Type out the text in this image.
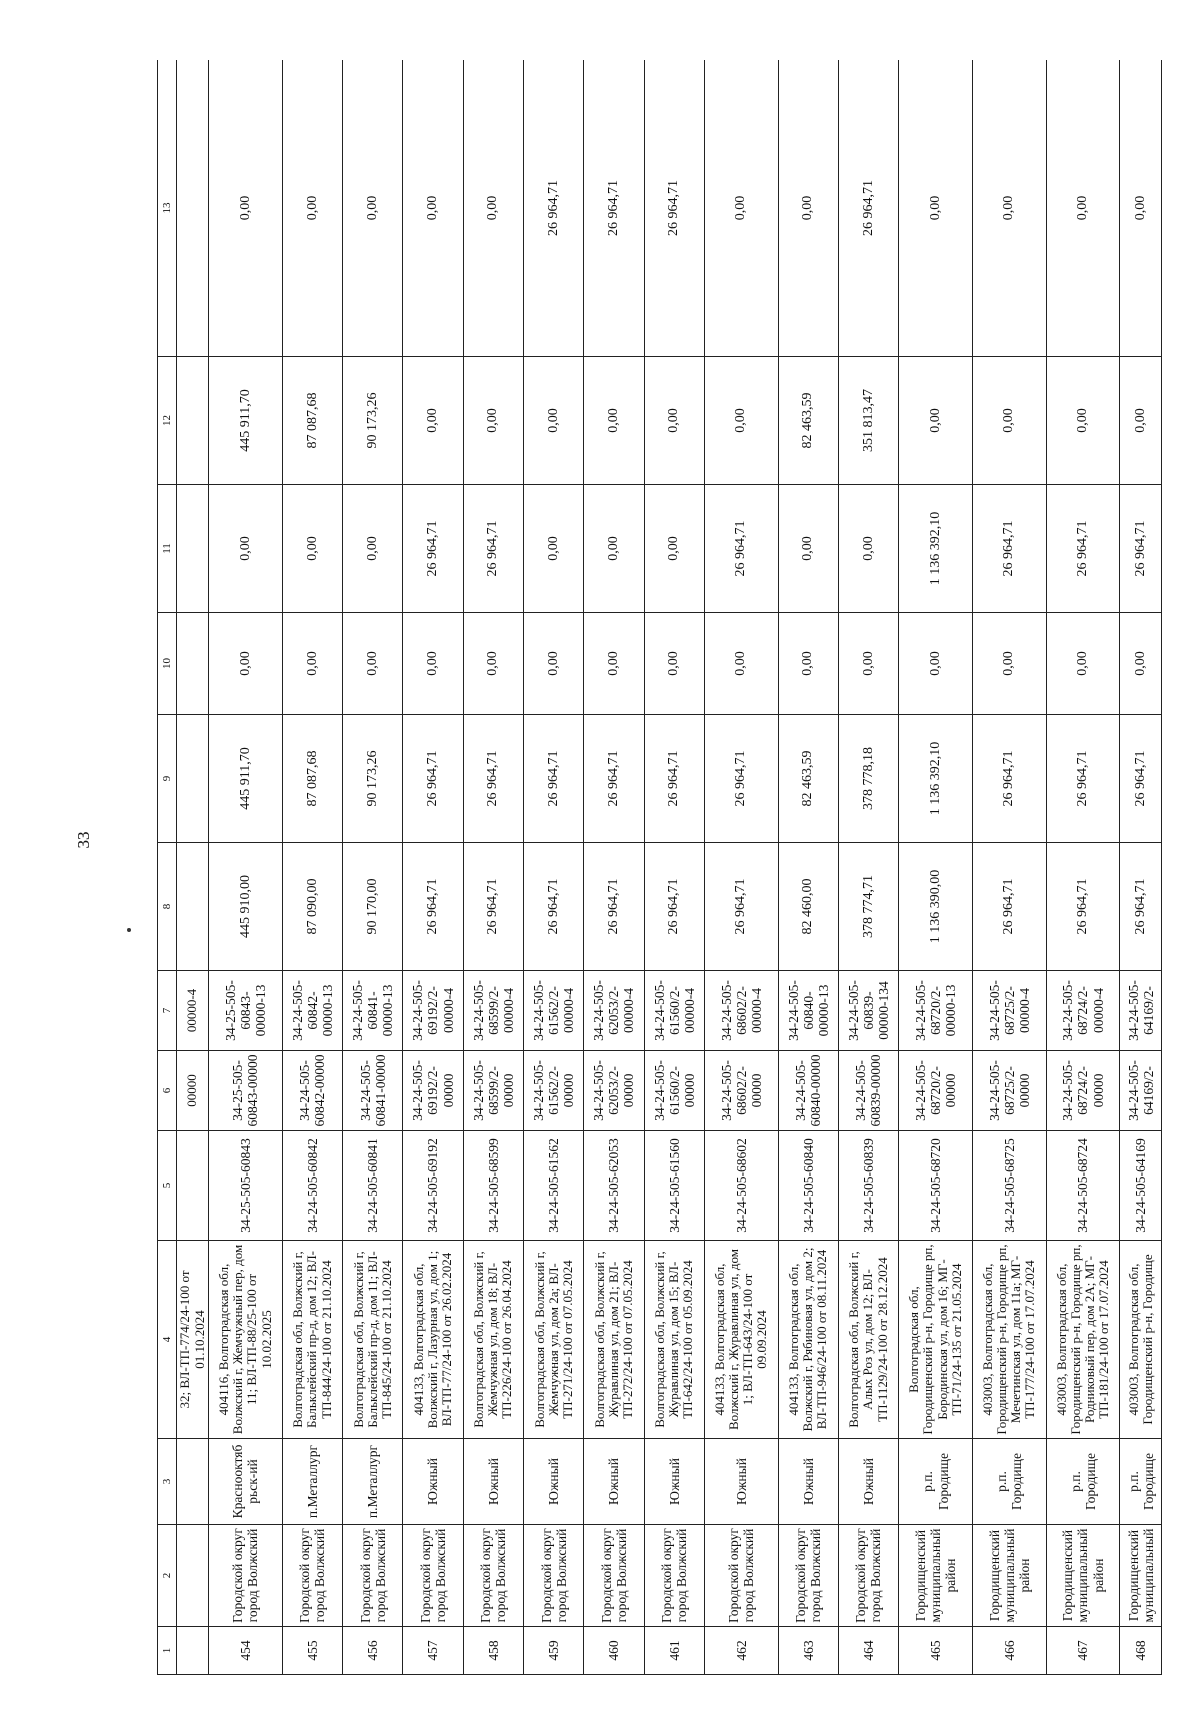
33
1	2	3	4	5	6	7	8	9	10	11	12	13
			32; ВЛ-ТП-774/24-100 от 01.10.2024		00000	00000-4						
454	Городской округ город Волжский	Краснооктябрьск-ий	404116, Волгоградская обл, Волжский г, Жемчужный пер, дом 11; ВЛ-ТП-88/25-100 от 10.02.2025	34-25-505-60843	34-25-505-60843-00000	34-25-505-60843-00000-13	445 910,00	445 911,70	0,00	0,00	445 911,70	0,00
455	Городской округ город Волжский	п.Металлург	Волгоградская обл, Волжский г, Бальклейский пр-д, дом 12; ВЛ-ТП-844/24-100 от 21.10.2024	34-24-505-60842	34-24-505-60842-00000	34-24-505-60842-00000-13	87 090,00	87 087,68	0,00	0,00	87 087,68	0,00
456	Городской округ город Волжский	п.Металлург	Волгоградская обл, Волжский г, Бальклейский пр-д, дом 11; ВЛ-ТП-845/24-100 от 21.10.2024	34-24-505-60841	34-24-505-60841-00000	34-24-505-60841-00000-13	90 170,00	90 173,26	0,00	0,00	90 173,26	0,00
457	Городской округ город Волжский	Южный	404133, Волгоградская обл, Волжский г, Лазурная ул, дом 1; ВЛ-ТП-77/24-100 от 26.02.2024	34-24-505-69192	34-24-505-69192/2-00000	34-24-505-69192/2-00000-4	26 964,71	26 964,71	0,00	26 964,71	0,00	0,00
458	Городской округ город Волжский	Южный	Волгоградская обл, Волжский г, Жемчужная ул, дом 18; ВЛ-ТП-226/24-100 от 26.04.2024	34-24-505-68599	34-24-505-68599/2-00000	34-24-505-68599/2-00000-4	26 964,71	26 964,71	0,00	26 964,71	0,00	0,00
459	Городской округ город Волжский	Южный	Волгоградская обл, Волжский г, Жемчужная ул, дом 2а; ВЛ-ТП-271/24-100 от 07.05.2024	34-24-505-61562	34-24-505-61562/2-00000	34-24-505-61562/2-00000-4	26 964,71	26 964,71	0,00	0,00	0,00	26 964,71
460	Городской округ город Волжский	Южный	Волгоградская обл, Волжский г, Журавлиная ул, дом 21; ВЛ-ТП-272/24-100 от 07.05.2024	34-24-505-62053	34-24-505-62053/2-00000	34-24-505-62053/2-00000-4	26 964,71	26 964,71	0,00	0,00	0,00	26 964,71
461	Городской округ город Волжский	Южный	Волгоградская обл, Волжский г, Журавлиная ул, дом 15; ВЛ-ТП-642/24-100 от 05.09.2024	34-24-505-61560	34-24-505-61560/2-00000	34-24-505-61560/2-00000-4	26 964,71	26 964,71	0,00	0,00	0,00	26 964,71
462	Городской округ город Волжский	Южный	404133, Волгоградская обл, Волжский г, Журавлиная ул, дом 1; ВЛ-ТП-643/24-100 от 09.09.2024	34-24-505-68602	34-24-505-68602/2-00000	34-24-505-68602/2-00000-4	26 964,71	26 964,71	0,00	26 964,71	0,00	0,00
463	Городской округ город Волжский	Южный	404133, Волгоградская обл, Волжский г, Рябиновая ул, дом 2; ВЛ-ТП-946/24-100 от 08.11.2024	34-24-505-60840	34-24-505-60840-00000	34-24-505-60840-00000-13	82 460,00	82 463,59	0,00	0,00	82 463,59	0,00
464	Городской округ город Волжский	Южный	Волгоградская обл, Волжский г, Алых Роз ул, дом 12; ВЛ-ТП-1129/24-100 от 28.12.2024	34-24-505-60839	34-24-505-60839-00000	34-24-505-60839-00000-134	378 774,71	378 778,18	0,00	0,00	351 813,47	26 964,71
465	Городищенский муниципальный район	р.п. Городище	Волгоградская обл, Городищенский р-н, Городище рп, Бородинская ул, дом 16; МГ-ТП-71/24-135 от 21.05.2024	34-24-505-68720	34-24-505-68720/2-00000	34-24-505-68720/2-00000-13	1 136 390,00	1 136 392,10	0,00	1 136 392,10	0,00	0,00
466	Городищенский муниципальный район	р.п. Городище	403003, Волгоградская обл, Городищенский р-н, Городище рп, Мечетинская ул, дом 11а; МГ-ТП-177/24-100 от 17.07.2024	34-24-505-68725	34-24-505-68725/2-00000	34-24-505-68725/2-00000-4	26 964,71	26 964,71	0,00	26 964,71	0,00	0,00
467	Городищенский муниципальный район	р.п. Городище	403003, Волгоградская обл, Городищенский р-н, Городище рп, Родниковый пер, дом 2А; МГ-ТП-181/24-100 от 17.07.2024	34-24-505-68724	34-24-505-68724/2-00000	34-24-505-68724/2-00000-4	26 964,71	26 964,71	0,00	26 964,71	0,00	0,00
468	Городищенский муниципальный	р.п. Городище	403003, Волгоградская обл, Городищенский р-н, Городище	34-24-505-64169	34-24-505-64169/2-	34-24-505-64169/2-	26 964,71	26 964,71	0,00	26 964,71	0,00	0,00
